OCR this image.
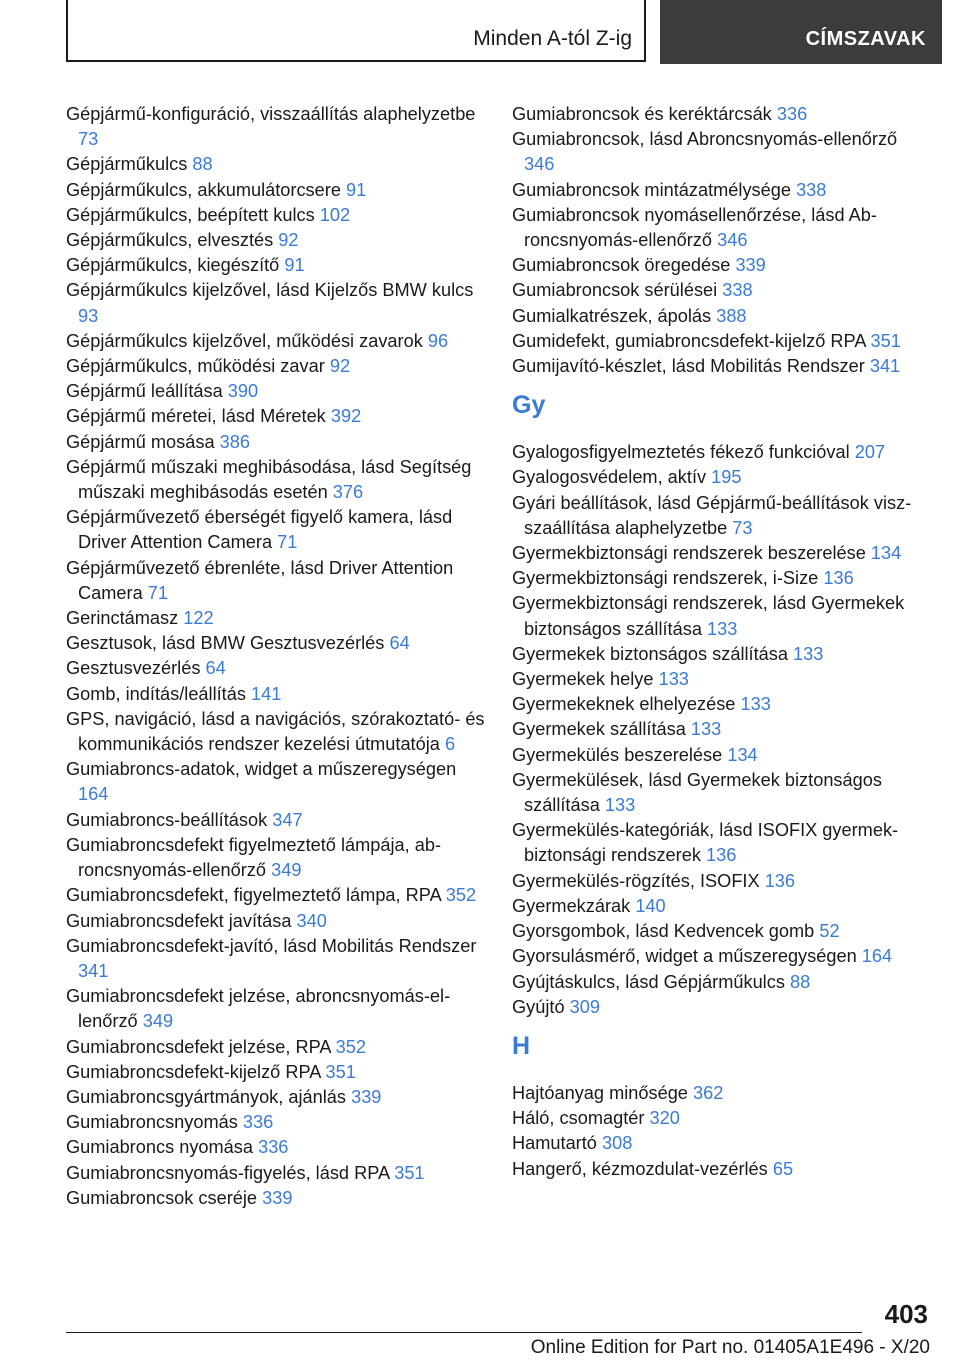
Minden A-tól Z-ig	CÍMSZAVAK
Gépjármű-konfiguráció, visszaállítás alaphelyzetbe 73
Gépjárműkulcs 88
Gépjárműkulcs, akkumulátorcsere 91
Gépjárműkulcs, beépített kulcs 102
Gépjárműkulcs, elvesztés 92
Gépjárműkulcs, kiegészítő 91
Gépjárműkulcs kijelzővel, lásd Kijelzős BMW kulcs 93
Gépjárműkulcs kijelzővel, működési zavarok 96
Gépjárműkulcs, működési zavar 92
Gépjármű leállítása 390
Gépjármű méretei, lásd Méretek 392
Gépjármű mosása 386
Gépjármű műszaki meghibásodása, lásd Segítség műszaki meghibásodás esetén 376
Gépjárművezető éberségét figyelő kamera, lásd Driver Attention Camera 71
Gépjárművezető ébrenléte, lásd Driver Attention Camera 71
Gerinctámasz 122
Gesztusok, lásd BMW Gesztusvezérlés 64
Gesztusvezérlés 64
Gomb, indítás/leállítás 141
GPS, navigáció, lásd a navigációs, szórakoztató- és kommunikációs rendszer kezelési útmutatója 6
Gumiabroncs-adatok, widget a műszeregységen 164
Gumiabroncs-beállítások 347
Gumiabroncsdefekt figyelmeztető lámpája, abroncsnyomás-ellenőrző 349
Gumiabroncsdefekt, figyelmeztető lámpa, RPA 352
Gumiabroncsdefekt javítása 340
Gumiabroncsdefekt-javító, lásd Mobilitás Rendszer 341
Gumiabroncsdefekt jelzése, abroncsnyomás-ellenőrző 349
Gumiabroncsdefekt jelzése, RPA 352
Gumiabroncsdefekt-kijelző RPA 351
Gumiabroncsgyártmányok, ajánlás 339
Gumiabroncsnyomás 336
Gumiabroncs nyomása 336
Gumiabroncsnyomás-figyelés, lásd RPA 351
Gumiabroncsok cseréje 339
Gumiabroncsok és keréktárcsák 336
Gumiabroncsok, lásd Abroncsnyomás-ellenőrző 346
Gumiabroncsok mintázatmélysége 338
Gumiabroncsok nyomásellenőrzése, lásd Abroncsnyomás-ellenőrző 346
Gumiabroncsok öregedése 339
Gumiabroncsok sérülései 338
Gumialkatrészek, ápolás 388
Gumidefekt, gumiabroncsdefekt-kijelző RPA 351
Gumijavító-készlet, lásd Mobilitás Rendszer 341
Gy
Gyalogosfigyelmeztetés fékező funkcióval 207
Gyalogosvédelem, aktív 195
Gyári beállítások, lásd Gépjármű-beállítások viszszaállítása alaphelyzetbe 73
Gyermekbiztonsági rendszerek beszerelése 134
Gyermekbiztonsági rendszerek, i-Size 136
Gyermekbiztonsági rendszerek, lásd Gyermekek biztonságos szállítása 133
Gyermekek biztonságos szállítása 133
Gyermekek helye 133
Gyermekeknek elhelyezése 133
Gyermekek szállítása 133
Gyermekülés beszerelése 134
Gyermekülések, lásd Gyermekek biztonságos szállítása 133
Gyermekülés-kategóriák, lásd ISOFIX gyermekbiztonsági rendszerek 136
Gyermekülés-rögzítés, ISOFIX 136
Gyermekzárak 140
Gyorsgombok, lásd Kedvencek gomb 52
Gyorsulásmérő, widget a műszeregységen 164
Gyújtáskulcs, lásd Gépjárműkulcs 88
Gyújtó 309
H
Hajtóanyag minősége 362
Háló, csomagtér 320
Hamutartó 308
Hangerő, kézmozdulat-vezérlés 65
403
Online Edition for Part no. 01405A1E496 - X/20
